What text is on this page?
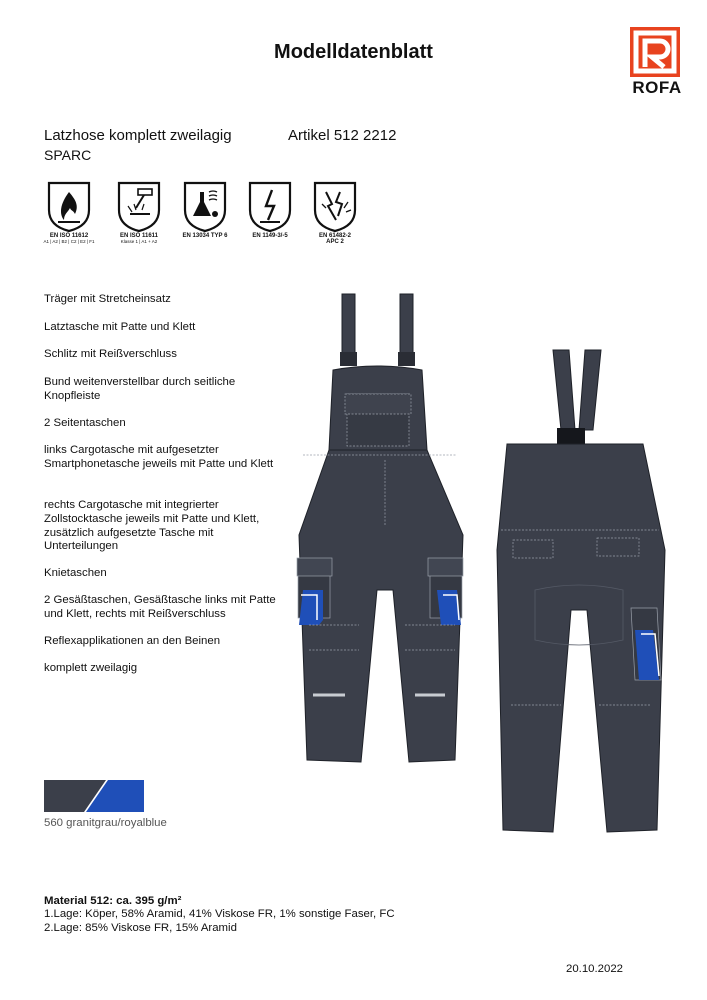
Modelldatenblatt
ROFA
Latzhose komplett zweilagig	Artikel 512 2212
SPARC
EN ISO 11612
A1 | A2 | B2 | C2 | E2 | F1
EN ISO 11611
Klasse 1 | A1 + A2
EN 13034 TYP 6	EN 1149-3/-5	EN 61482-2
APC 2
Träger mit Stretcheinsatz
Latztasche mit Patte und Klett
Schlitz mit Reißverschluss
Bund weitenverstellbar durch seitliche Knopfleiste
2 Seitentaschen
links Cargotasche mit aufgesetzter Smartphonetasche jeweils mit Patte und Klett
rechts Cargotasche mit integrierter Zollstocktasche jeweils mit Patte und Klett, zusätzlich aufgesetzte Tasche mit Unterteilungen
Knietaschen
2 Gesäßtaschen, Gesäßtasche links mit Patte und Klett, rechts mit Reißverschluss
Reflexapplikationen an den Beinen
komplett zweilagig
560 granitgrau/royalblue
Material 512: ca. 395 g/m²
1.Lage: Köper, 58% Aramid, 41% Viskose FR, 1% sonstige Faser, FC
2.Lage: 85% Viskose FR, 15% Aramid
20.10.2022
